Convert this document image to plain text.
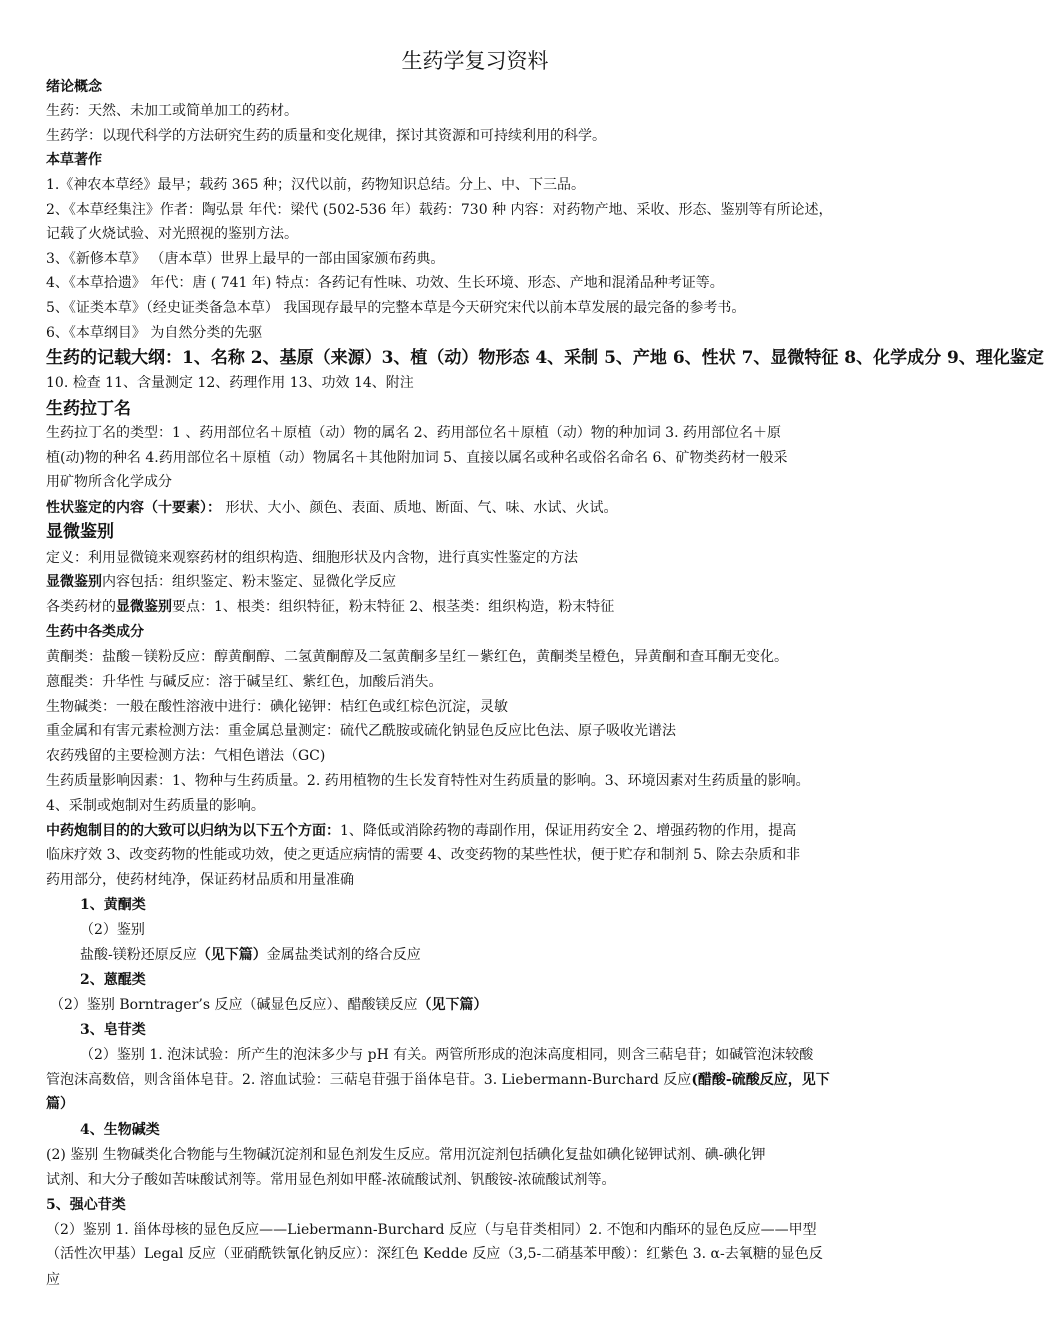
生药学复习资料
绪论概念
生药：天然、未加工或简单加工的药材。
生药学：以现代科学的方法研究生药的质量和变化规律，探讨其资源和可持续利用的科学。
本草著作
1.《神农本草经》最早；载药 365 种；汉代以前，药物知识总结。分上、中、下三品。
2、《本草经集注》作者：陶弘景 年代：梁代 (502-536 年）载药：730 种 内容：对药物产地、采收、形态、鉴别等有所论述，
记载了火烧试验、对光照视的鉴别方法。
3、《新修本草》 （唐本草）世界上最早的一部由国家颁布药典。
4、《本草拾遗》 年代：唐 ( 741 年) 特点：各药记有性味、功效、生长环境、形态、产地和混淆品种考证等。
5、《证类本草》（经史证类备急本草） 我国现存最早的完整本草是今天研究宋代以前本草发展的最完备的参考书。
6、《本草纲目》 为自然分类的先驱
生药的记载大纲：1、名称 2、基原（来源）3、植（动）物形态 4、采制 5、产地 6、性状 7、显微特征 8、化学成分 9、理化鉴定
10. 检查 11、含量测定 12、药理作用 13、功效 14、附注
生药拉丁名
生药拉丁名的类型：1 、药用部位名＋原植（动）物的属名 2、药用部位名＋原植（动）物的种加词 3. 药用部位名＋原
植(动)物的种名 4.药用部位名＋原植（动）物属名＋其他附加词 5、直接以属名或种名或俗名命名 6、矿物类药材一般采
用矿物所含化学成分
性状鉴定的内容（十要素）： 形状、大小、颜色、表面、质地、断面、气、味、水试、火试。
显微鉴别
定义：利用显微镜来观察药材的组织构造、细胞形状及内含物，进行真实性鉴定的方法
显微鉴别内容包括：组织鉴定、粉末鉴定、显微化学反应
各类药材的显微鉴别要点：1、根类：组织特征，粉末特征 2、根茎类：组织构造，粉末特征
生药中各类成分
黄酮类：盐酸－镁粉反应：醇黄酮醇、二氢黄酮醇及二氢黄酮多呈红－紫红色，黄酮类呈橙色，异黄酮和查耳酮无变化。
蒽醌类：升华性 与碱反应：溶于碱呈红、紫红色，加酸后消失。
生物碱类：一般在酸性溶液中进行：碘化铋钾：桔红色或红棕色沉淀，灵敏
重金属和有害元素检测方法：重金属总量测定：硫代乙酰胺或硫化钠显色反应比色法、原子吸收光谱法
农药残留的主要检测方法：气相色谱法（GC)
生药质量影响因素：1、物种与生药质量。2. 药用植物的生长发育特性对生药质量的影响。3、环境因素对生药质量的影响。
4、采制或炮制对生药质量的影响。
中药炮制目的的大致可以归纳为以下五个方面：1、降低或消除药物的毒副作用，保证用药安全 2、增强药物的作用，提高
临床疗效 3、改变药物的性能或功效，使之更适应病情的需要 4、改变药物的某些性状，便于贮存和制剂 5、除去杂质和非
药用部分，使药材纯净，保证药材品质和用量准确
1、黄酮类
（2）鉴别
盐酸-镁粉还原反应（见下篇）金属盐类试剂的络合反应
2、蒽醌类
（2）鉴别 Borntrager’s 反应（碱显色反应）、醋酸镁反应（见下篇）
3、皂苷类
（2）鉴别 1. 泡沫试验：所产生的泡沫多少与 pH 有关。两管所形成的泡沫高度相同，则含三萜皂苷；如碱管泡沫较酸
管泡沫高数倍，则含甾体皂苷。2. 溶血试验：三萜皂苷强于甾体皂苷。3. Liebermann-Burchard 反应(醋酸-硫酸反应，见下
篇）
4、生物碱类
(2) 鉴别 生物碱类化合物能与生物碱沉淀剂和显色剂发生反应。常用沉淀剂包括碘化复盐如碘化铋钾试剂、碘-碘化钾
试剂、和大分子酸如苦味酸试剂等。常用显色剂如甲醛-浓硫酸试剂、钒酸铵-浓硫酸试剂等。
5、强心苷类
（2）鉴别 1. 甾体母核的显色反应——Liebermann-Burchard 反应（与皂苷类相同）2. 不饱和内酯环的显色反应——甲型
（活性次甲基）Legal 反应（亚硝酰铁氰化钠反应）：深红色 Kedde 反应（3,5-二硝基苯甲酸）：红紫色 3. α-去氧糖的显色反
应
